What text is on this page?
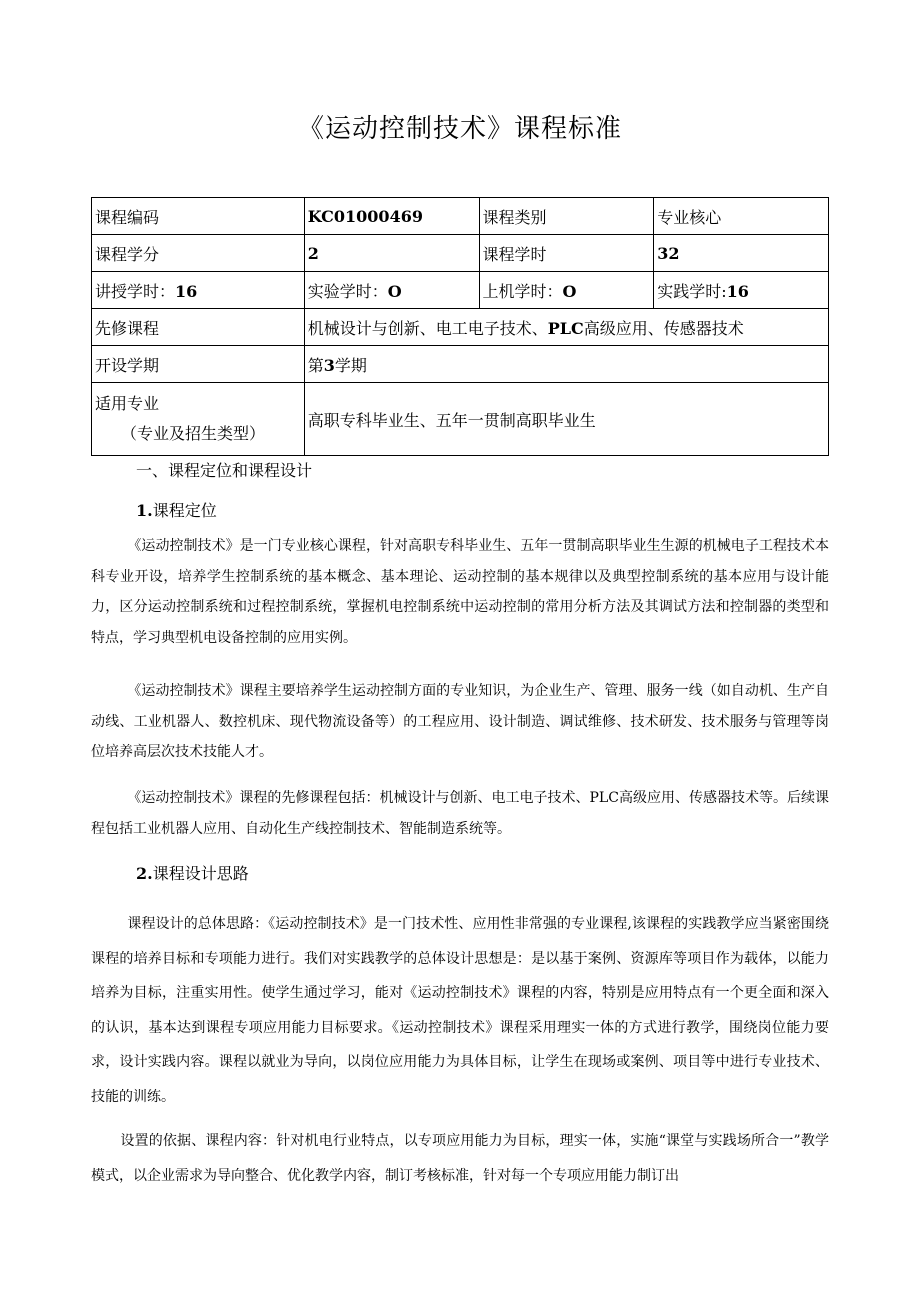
《运动控制技术》课程标准
课程编码	KC01000469	课程类别	专业核心
课程学分	2	课程学时	32
讲授学时：16	实验学时：O	上机学时：O	实践学时:16
先修课程	机械设计与创新、电工电子技术、PLC高级应用、传感器技术		
开设学期	第3学期		
适用专业
（专业及招生类型）	高职专科毕业生、五年一贯制高职毕业生		
一、课程定位和课程设计
1.课程定位
《运动控制技术》是一门专业核心课程，针对高职专科毕业生、五年一贯制高职毕业生生源的机械电子工程技术本科专业开设，培养学生控制系统的基本概念、基本理论、运动控制的基本规律以及典型控制系统的基本应用与设计能力，区分运动控制系统和过程控制系统，掌握机电控制系统中运动控制的常用分析方法及其调试方法和控制器的类型和特点，学习典型机电设备控制的应用实例。
《运动控制技术》课程主要培养学生运动控制方面的专业知识，为企业生产、管理、服务一线（如自动机、生产自动线、工业机器人、数控机床、现代物流设备等）的工程应用、设计制造、调试维修、技术研发、技术服务与管理等岗位培养高层次技术技能人才。
《运动控制技术》课程的先修课程包括：机械设计与创新、电工电子技术、PLC高级应用、传感器技术等。后续课程包括工业机器人应用、自动化生产线控制技术、智能制造系统等。
2.课程设计思路
课程设计的总体思路：《运动控制技术》是一门技术性、应用性非常强的专业课程,该课程的实践教学应当紧密围绕课程的培养目标和专项能力进行。我们对实践教学的总体设计思想是：是以基于案例、资源库等项目作为载体，以能力培养为目标，注重实用性。使学生通过学习，能对《运动控制技术》课程的内容，特别是应用特点有一个更全面和深入的认识，基本达到课程专项应用能力目标要求。《运动控制技术》课程采用理实一体的方式进行教学，围绕岗位能力要求，设计实践内容。课程以就业为导向，以岗位应用能力为具体目标，让学生在现场或案例、项目等中进行专业技术、技能的训练。
设置的依据、课程内容：针对机电行业特点，以专项应用能力为目标，理实一体，实施“课堂与实践场所合一”教学模式，以企业需求为导向整合、优化教学内容，制订考核标准，针对每一个专项应用能力制订出
